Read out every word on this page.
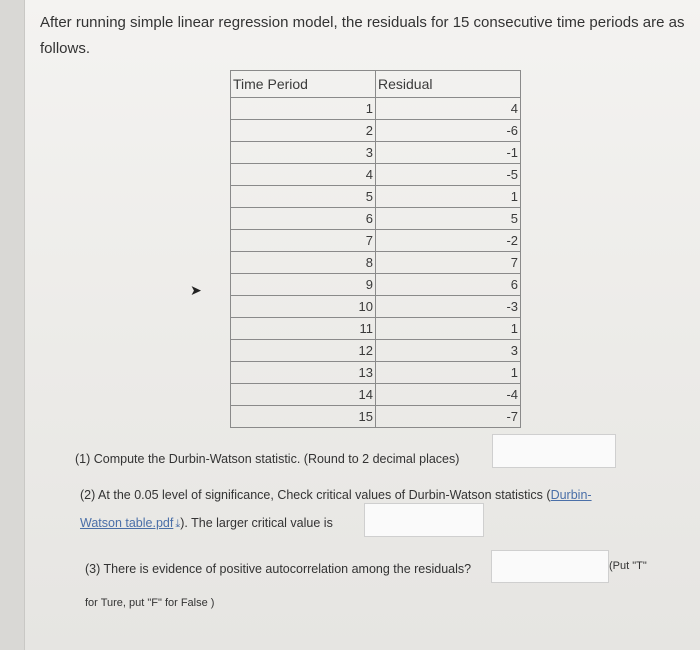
After running simple linear regression model, the residuals for 15 consecutive time periods are as follows.
Time Period	Residual
1	4
2	-6
3	-1
4	-5
5	1
6	5
7	-2
8	7
9	6
10	-3
11	1
12	3
13	1
14	-4
15	-7
➤
(1) Compute the Durbin-Watson statistic. (Round to 2 decimal places)
(2) At the 0.05 level of significance, Check critical values of Durbin-Watson statistics (Durbin-
Watson table.pdf ⤓). The larger critical value is
(3) There is evidence of positive autocorrelation among the residuals?	(Put "T"
for Ture, put "F" for False )
